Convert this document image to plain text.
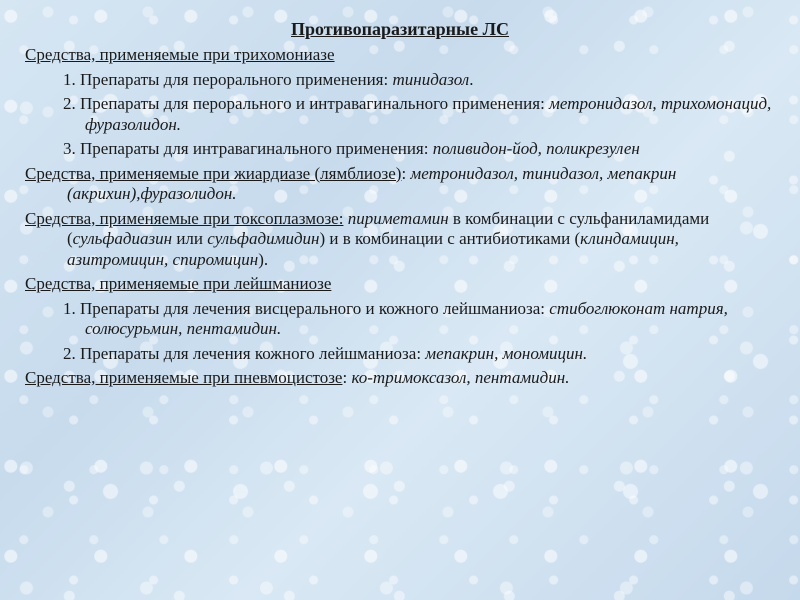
Противопаразитарные ЛС
Средства, применяемые при трихомониазе
1. Препараты для перорального применения: тинидазол.
2. Препараты для перорального и интравагинального применения: метронидазол, трихомонацид, фуразолидон.
3. Препараты для интравагинального применения: поливидон-йод, поликрезулен
Средства, применяемые при жиардиазе (лямблиозе): метронидазол, тинидазол, мепакрин (акрихин),фуразолидон.
Средства, применяемые при токсоплазмозе: пириметамин в комбинации с сульфаниламидами (сульфадиазин или сульфадимидин) и в комбинации с антибиотиками (клиндамицин, азитромицин, спиромицин).
Средства, применяемые при лейшманиозе
1. Препараты для лечения висцерального и кожного лейшманиоза: стибоглюконат натрия, солюсурьмин, пентамидин.
2. Препараты для лечения кожного лейшманиоза: мепакрин, мономицин.
Средства, применяемые при пневмоцистозе: ко-тримоксазол, пентамидин.
